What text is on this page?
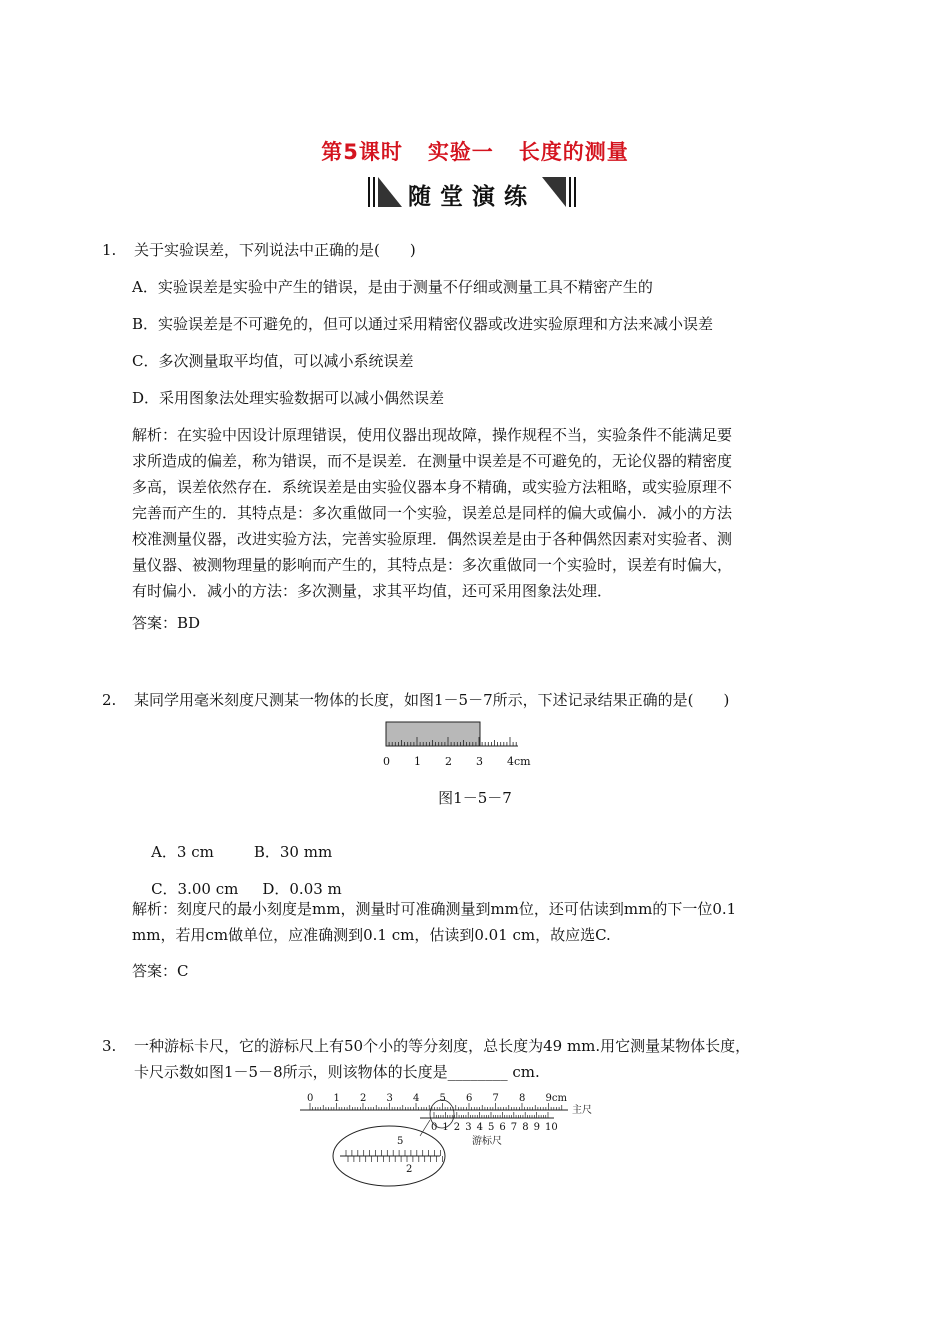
第5课时 实验一 长度的测量
随堂演练
1. 关于实验误差，下列说法中正确的是(　　)
A．实验误差是实验中产生的错误，是由于测量不仔细或测量工具不精密产生的
B．实验误差是不可避免的，但可以通过采用精密仪器或改进实验原理和方法来减小误差
C．多次测量取平均值，可以减小系统误差
D．采用图象法处理实验数据可以减小偶然误差
解析：在实验中因设计原理错误，使用仪器出现故障，操作规程不当，实验条件不能满足要
求所造成的偏差，称为错误，而不是误差．在测量中误差是不可避免的，无论仪器的精密度
多高，误差依然存在．系统误差是由实验仪器本身不精确，或实验方法粗略，或实验原理不
完善而产生的．其特点是：多次重做同一个实验，误差总是同样的偏大或偏小．减小的方法
校准测量仪器，改进实验方法，完善实验原理．偶然误差是由于各种偶然因素对实验者、测
量仪器、被测物理量的影响而产生的，其特点是：多次重做同一个实验时，误差有时偏大，
有时偏小．减小的方法：多次测量，求其平均值，还可采用图象法处理．
答案：BD
2. 某同学用毫米刻度尺测某一物体的长度，如图1－5－7所示，下述记录结果正确的是(　　)
0 1 2 3 4cm
图1－5－7

A．3 cm	B．30 mm

C．3.00 cm D．0.03 m

解析：刻度尺的最小刻度是mm，测量时可准确测量到mm位，还可估读到mm的下一位0.1
mm，若用cm做单位，应准确测到0.1 cm，估读到0.01 cm，故应选C.
答案：C
3. 一种游标卡尺，它的游标尺上有50个小的等分刻度，总长度为49 mm.用它测量某物体长度，
卡尺示数如图1－5－8所示，则该物体的长度是________ cm.
0 1 2 3 4 5 6 7 8 9cm
主尺
0 1 2 3 4 5 6 7 8 9 10
游标尺
5
2
